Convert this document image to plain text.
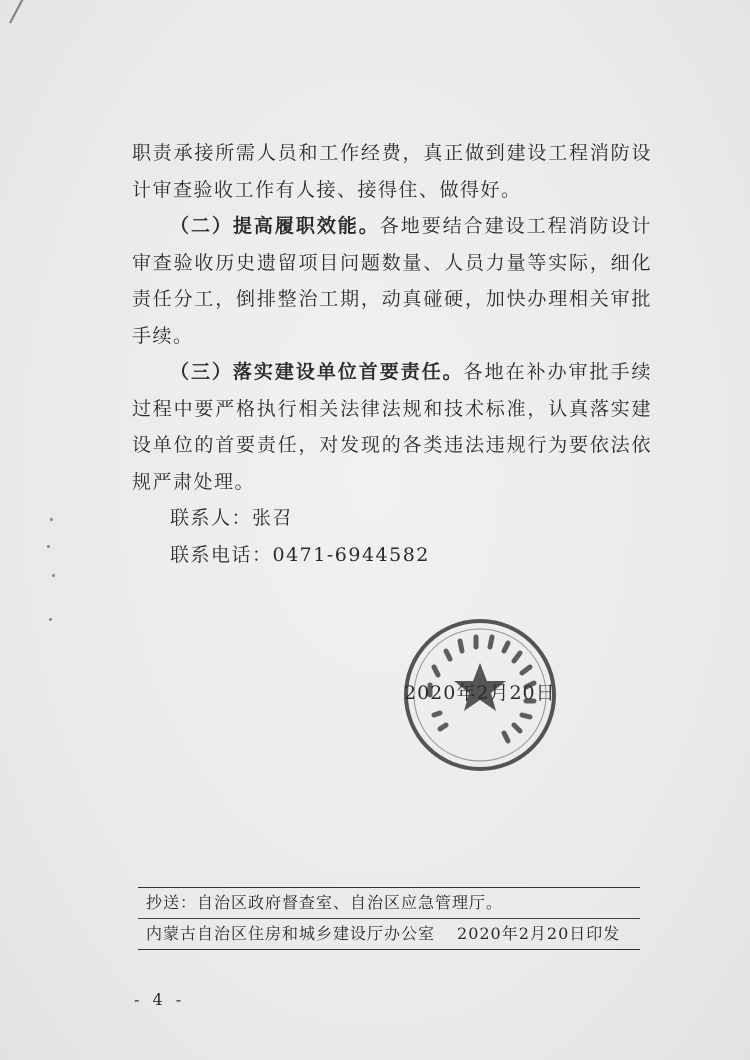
职责承接所需人员和工作经费，真正做到建设工程消防设计审查验收工作有人接、接得住、做得好。

（二）提高履职效能。各地要结合建设工程消防设计审查验收历史遗留项目问题数量、人员力量等实际，细化责任分工，倒排整治工期，动真碰硬，加快办理相关审批手续。

（三）落实建设单位首要责任。各地在补办审批手续过程中要严格执行相关法律法规和技术标准，认真落实建设单位的首要责任，对发现的各类违法违规行为要依法依规严肃处理。

联系人：张召

联系电话：0471-6944582

2020年2月20日
抄送：自治区政府督查室、自治区应急管理厅。
内蒙古自治区住房和城乡建设厅办公室 2020年2月20日印发
- 4 -
